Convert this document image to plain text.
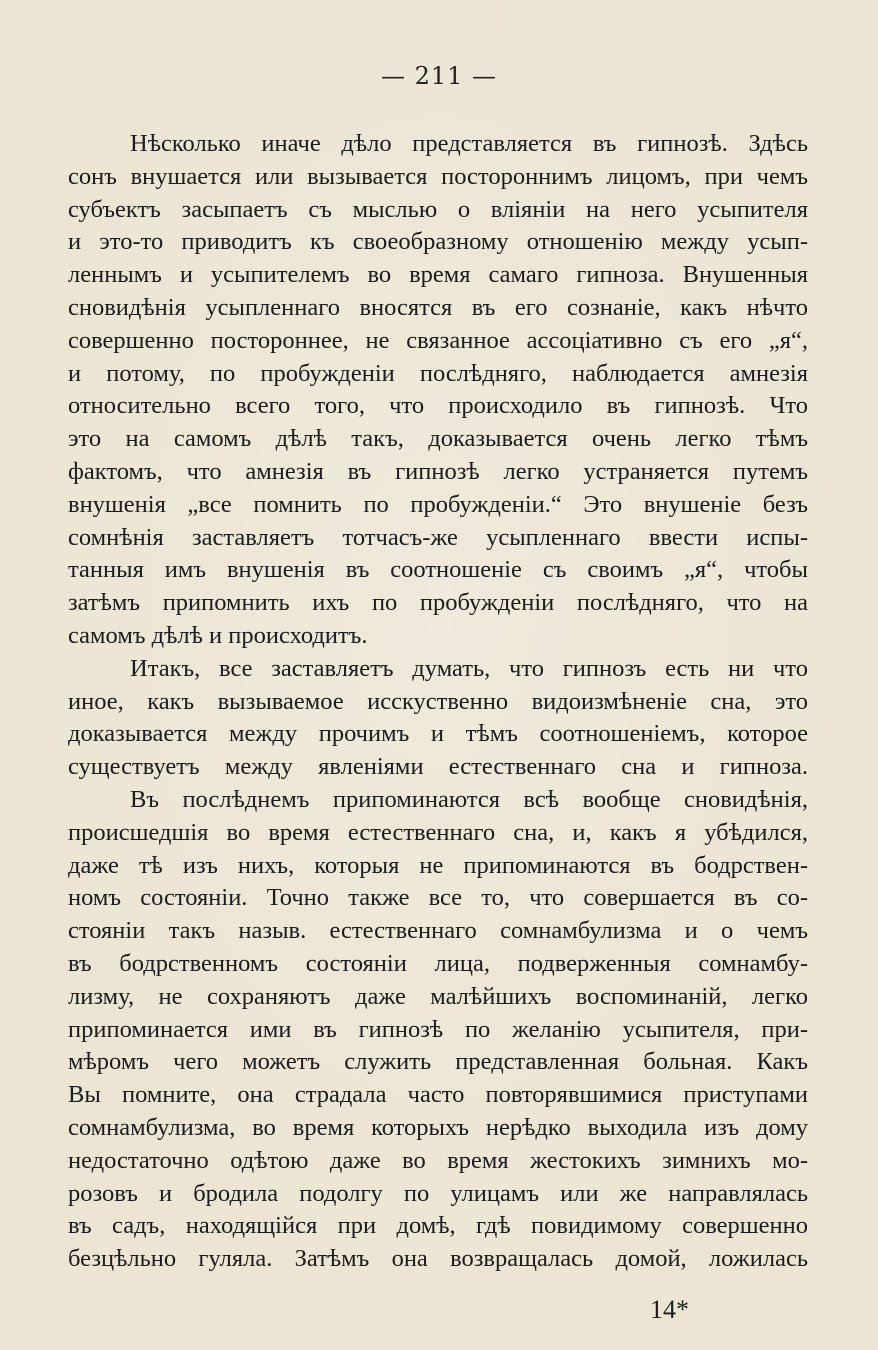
— 211 —
Нѣсколько иначе дѣло представляется въ гипнозѣ. Здѣсь
сонъ внушается или вызывается постороннимъ лицомъ, при чемъ
субъектъ засыпаетъ съ мыслью о вліяніи на него усыпителя
и это-то приводитъ къ своеобразному отношенію между усып-
леннымъ и усыпителемъ во время самаго гипноза. Внушенныя
сновидѣнія усыпленнаго вносятся въ его сознаніе, какъ нѣчто
совершенно постороннее, не связанное ассоціативно съ его „я“,
и потому, по пробужденіи послѣдняго, наблюдается амнезія
относительно всего того, что происходило въ гипнозѣ. Что
это на самомъ дѣлѣ такъ, доказывается очень легко тѣмъ
фактомъ, что амнезія въ гипнозѣ легко устраняется путемъ
внушенія „все помнить по пробужденіи.“ Это внушеніе безъ
сомнѣнія заставляетъ тотчасъ-же усыпленнаго ввести испы-
танныя имъ внушенія въ соотношеніе съ своимъ „я“, чтобы
затѣмъ припомнить ихъ по пробужденіи послѣдняго, что на
самомъ дѣлѣ и происходитъ.
Итакъ, все заставляетъ думать, что гипнозъ есть ни что
иное, какъ вызываемое исскуственно видоизмѣненіе сна, это
доказывается между прочимъ и тѣмъ соотношеніемъ, которое
существуетъ между явленіями естественнаго сна и гипноза.
Въ послѣднемъ припоминаются всѣ вообще сновидѣнія,
происшедшія во время естественнаго сна, и, какъ я убѣдился,
даже тѣ изъ нихъ, которыя не припоминаются въ бодрствен-
номъ состояніи. Точно также все то, что совершается въ со-
стояніи такъ назыв. естественнаго сомнамбулизма и о чемъ
въ бодрственномъ состояніи лица, подверженныя сомнамбу-
лизму, не сохраняютъ даже малѣйшихъ воспоминаній, легко
припоминается ими въ гипнозѣ по желанію усыпителя, при-
мѣромъ чего можетъ служить представленная больная. Какъ
Вы помните, она страдала часто повторявшимися приступами
сомнамбулизма, во время которыхъ нерѣдко выходила изъ дому
недостаточно одѣтою даже во время жестокихъ зимнихъ мо-
розовъ и бродила подолгу по улицамъ или же направлялась
въ садъ, находящійся при домѣ, гдѣ повидимому совершенно
безцѣльно гуляла. Затѣмъ она возвращалась домой, ложилась
14*
